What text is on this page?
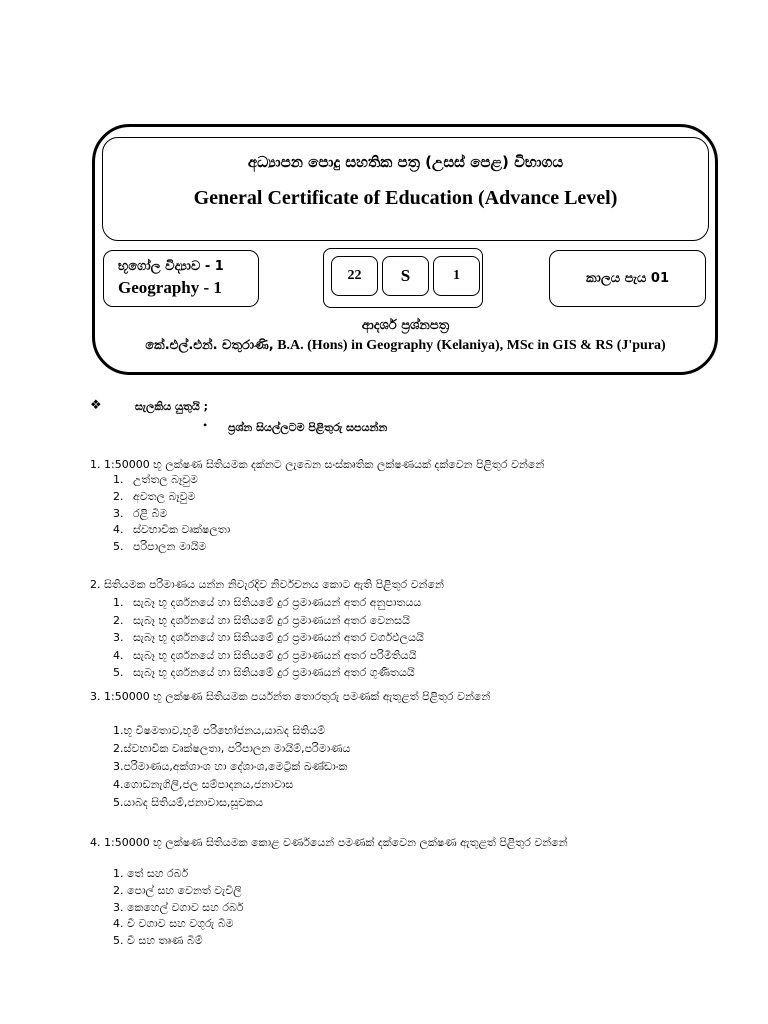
අධ්‍යාපන පොදු සහතික පත්‍ර (උසස් පෙළ) විභාගය
General Certificate of Education (Advance Level)
භූගෝල විද්‍යාව - 1
Geography - 1
22	S	1	කාලය පැය 01
ආදර්ශ ප්‍රශ්නපත්‍ර
කේ.එල්.එන්. චතුරාණි, B.A. (Hons) in Geography (Kelaniya), MSc in GIS & RS (J'pura)
❖	සැලකිය යුතුයි ;
• ප්‍රශ්න සියල්ලටම පිළිතුරු සපයන්න
1. 1:50000 භූ ලක්ෂණ සිතියමක දක්නට ලැබෙන සංස්කෘතික ලක්ෂණයක් දක්වෙන පිළිතුර වන්නේ
1. උත්තල බෑවුම
2. අවතල බෑවුම
3. රළි බිම
4. ස්වභාවික වෘක්ෂලතා
5. පරිපාලන මායිම
2. සිතියමක පරිමාණය යන්න නිවැරදිව නිර්වචනය කොට ඇති පිළිතුර වන්නේ
1. සැබෑ භූ දර්ශනයේ හා සිතියමේ දුර ප්‍රමාණයන් අතර අනුපාතයය
2. සැබෑ භූ දර්ශනයේ හා සිතියමේ දුර ප්‍රමාණයන් අතර වෙනසයි
3. සැබෑ භූ දර්ශනයේ හා සිතියමේ දුර ප්‍රමාණයන් අතර වර්ගඵලයයි
4. සැබෑ භූ දර්ශනයේ හා සිතියමේ දුර ප්‍රමාණයන් අතර පරිමිතියයි
5. සැබෑ භූ දර්ශනයේ හා සිතියමේ දුර ප්‍රමාණයන් අතර ගුණිතයයි
3. 1:50000 භූ ලක්ෂණ සිතියමක පර්යන්ත තොරතුරු පමණක් ඇතුළත් පිළිතුර වන්නේ
1.භූ විෂමතාව,භූමි පරිභෝජනය,යාබද සිතියම්
2.ස්වභාවික වෘක්ෂලතා, පරිපාලන මායිම්,පරිමාණය
3.පරිමාණය,අක්ශාංශ හා දේශාංශ,මෙට්‍රික් ඛණ්ඩාංක
4.ගොඩනැගිලි,ජල සම්පාදනය,ජනාවාස
5.යාබද සිතියම්,ජනාවාස,සූචකය
4. 1:50000 භූ ලක්ෂණ සිතියමක කොළ වර්ණයෙන් පමණක් දක්වෙන ලක්ෂණ ඇතුළත් පිළිතුර වන්නේ
1. තේ සහ රබර්
2. පොල් සහ වෙනත් වැවිලි
3. කෙහෙල් වගාව සහ රබර්
4. වී වගාව සහ වගුරු බිම
5. වී සහ තෘණ බිම්
